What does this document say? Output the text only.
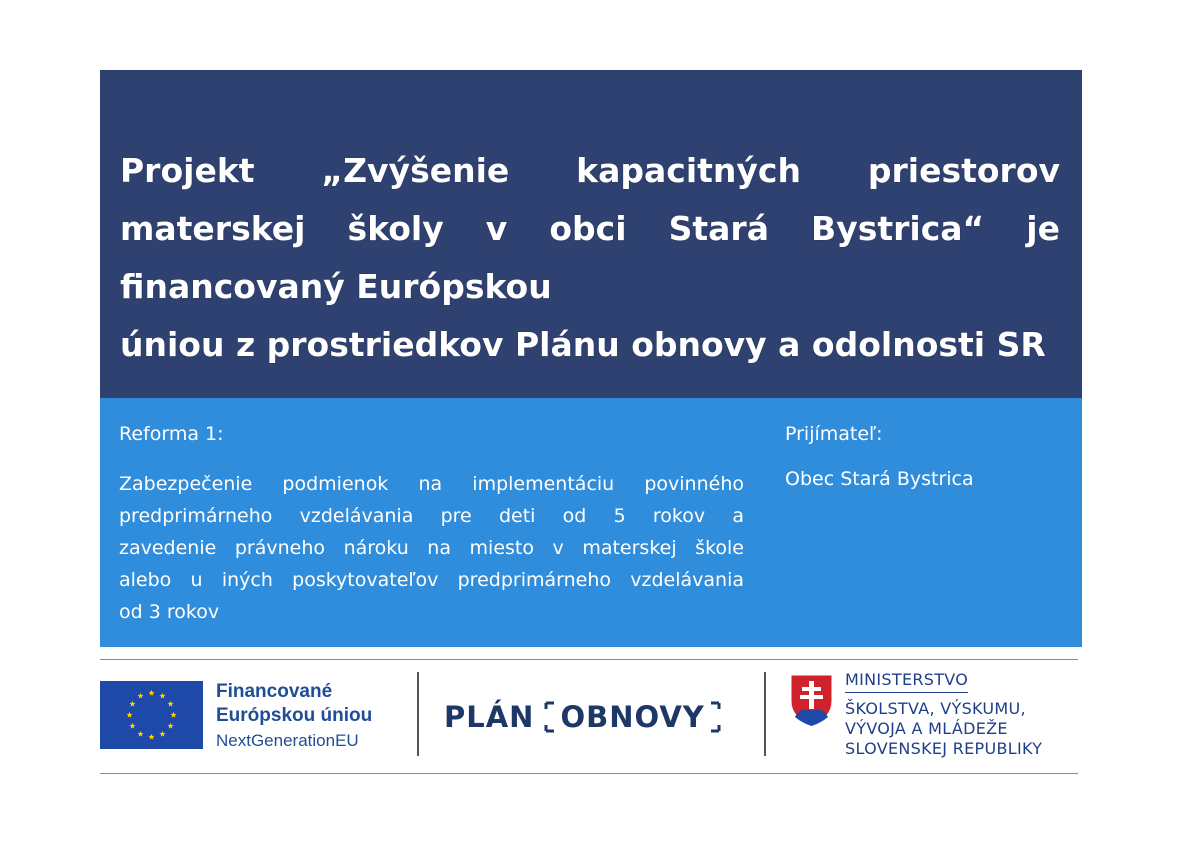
Projekt „Zvýšenie kapacitných priestorov
materskej školy v obci Stará Bystrica“ je
financovaný Európskou
úniou z prostriedkov Plánu obnovy a odolnosti SR
Reforma 1:
Zabezpečenie podmienok na implementáciu povinného
predprimárneho vzdelávania pre deti od 5 rokov a
zavedenie právneho nároku na miesto v materskej škole
alebo u iných poskytovateľov predprimárneho vzdelávania
od 3 rokov
Prijímateľ:
Obec Stará Bystrica
Financované
Európskou úniou
NextGenerationEU
PLÁN OBNOVY
MINISTERSTVO
ŠKOLSTVA, VÝSKUMU,
VÝVOJA A MLÁDEŽE
SLOVENSKEJ REPUBLIKY
